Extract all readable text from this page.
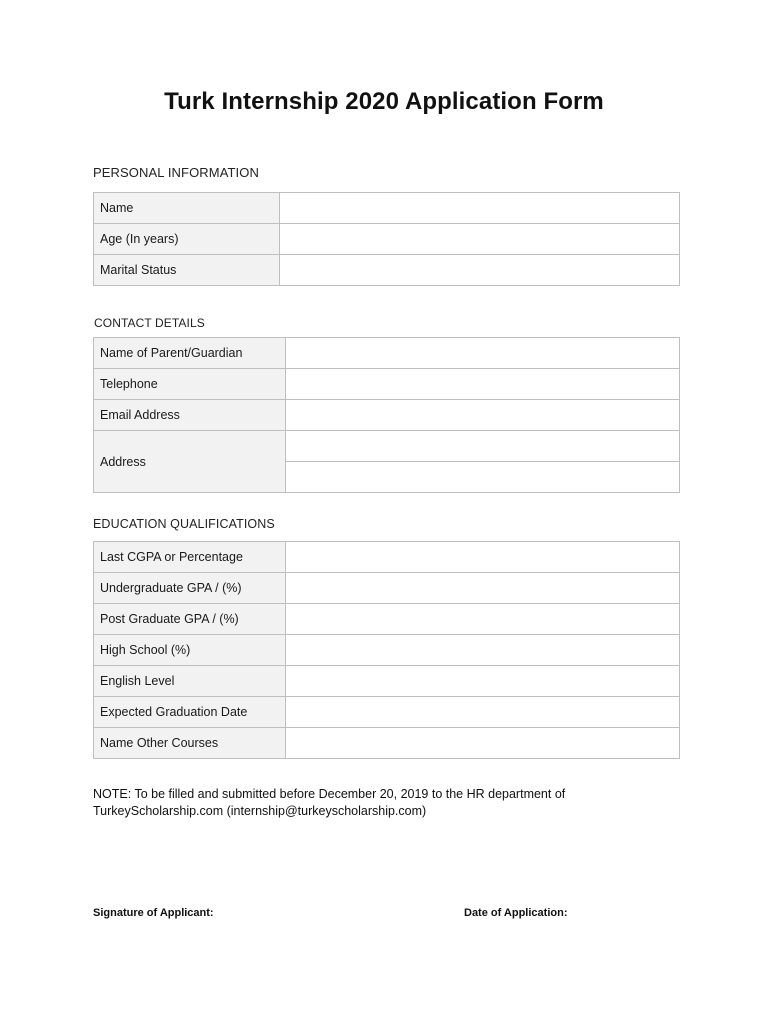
Turk Internship 2020 Application Form
PERSONAL INFORMATION
Name	
Age (In years)	
Marital Status	
CONTACT DETAILS
Name of Parent/Guardian	
Telephone	
Email Address	
Address	

EDUCATION QUALIFICATIONS
Last CGPA or Percentage	
Undergraduate GPA / (%)	
Post Graduate GPA / (%)	
High School (%)	
English Level	
Expected Graduation Date	
Name Other Courses	
NOTE: To be filled and submitted before December 20, 2019 to the HR department of
TurkeyScholarship.com (internship@turkeyscholarship.com)
Signature of Applicant:	Date of Application:
